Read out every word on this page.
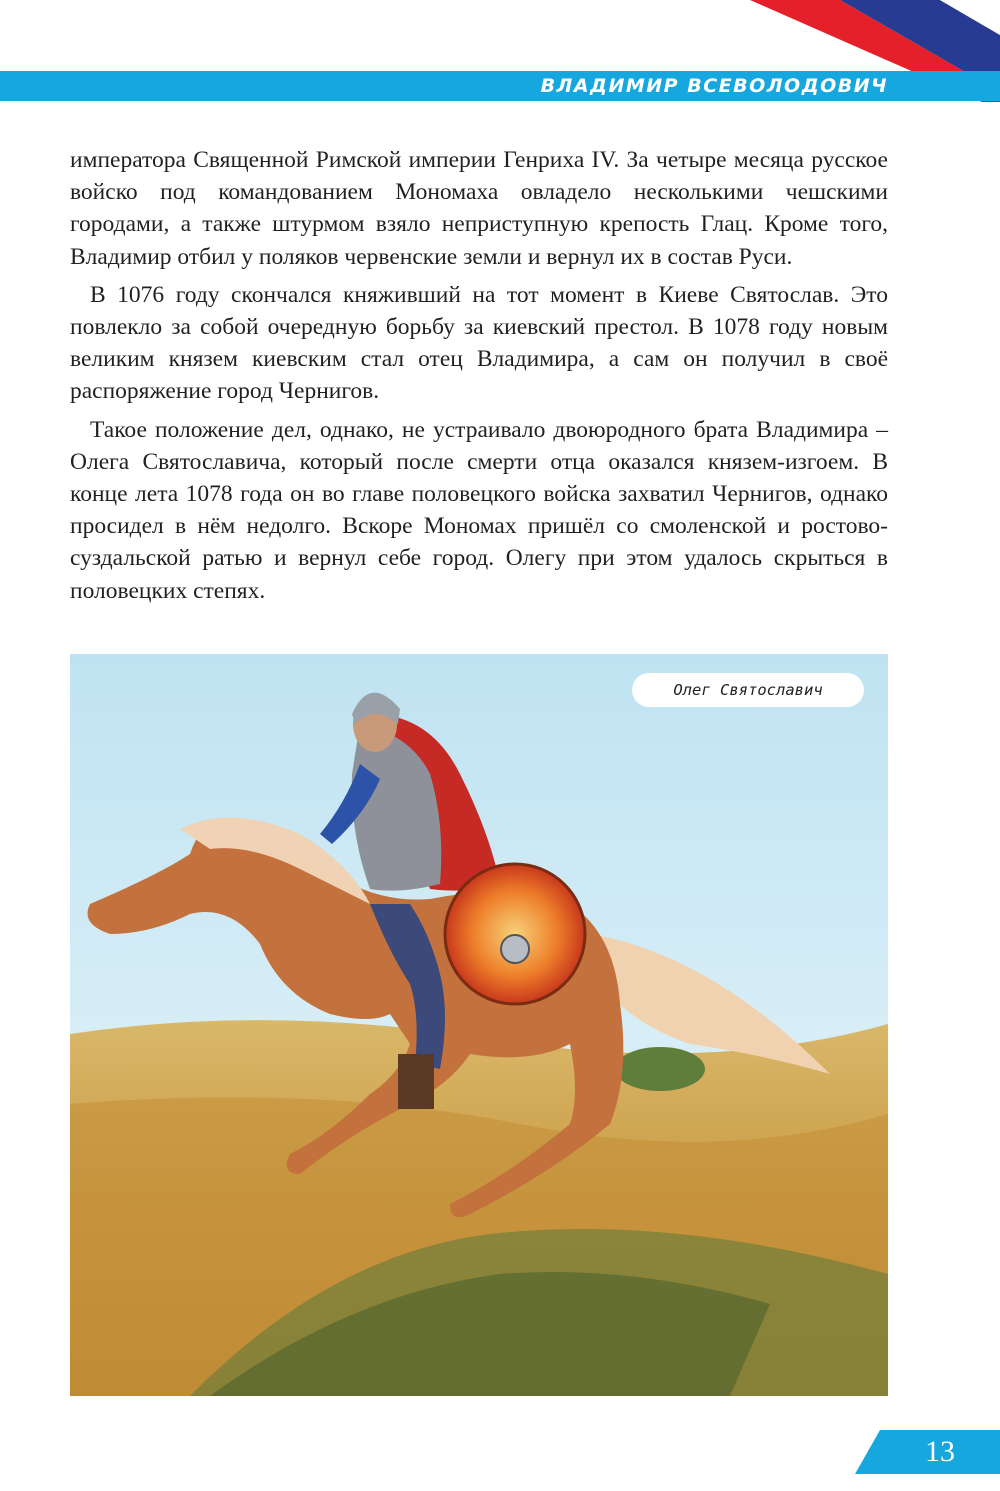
ВЛАДИМИР ВСЕВОЛОДОВИЧ

императора Священной Римской империи Генриха IV. За четыре месяца русское войско под командованием Мономаха овладело несколькими чешскими городами, а также штурмом взяло неприступную крепость Глац. Кроме того, Владимир отбил у поляков червенские земли и вернул их в состав Руси.

В 1076 году скончался княживший на тот момент в Киеве Святослав. Это повлекло за собой очередную борьбу за киевский престол. В 1078 году новым великим князем киевским стал отец Владимира, а сам он получил в своё распоряжение город Чернигов.

Такое положение дел, однако, не устраивало двоюродного брата Владимира – Олега Святославича, который после смерти отца оказался князем-изгоем. В конце лета 1078 года он во главе половецкого войска захватил Чернигов, однако просидел в нём недолго. Вскоре Мономах пришёл со смоленской и ростово-суздальской ратью и вернул себе город. Олегу при этом удалось скрыться в половецких степях.

Олег Святославич
13
